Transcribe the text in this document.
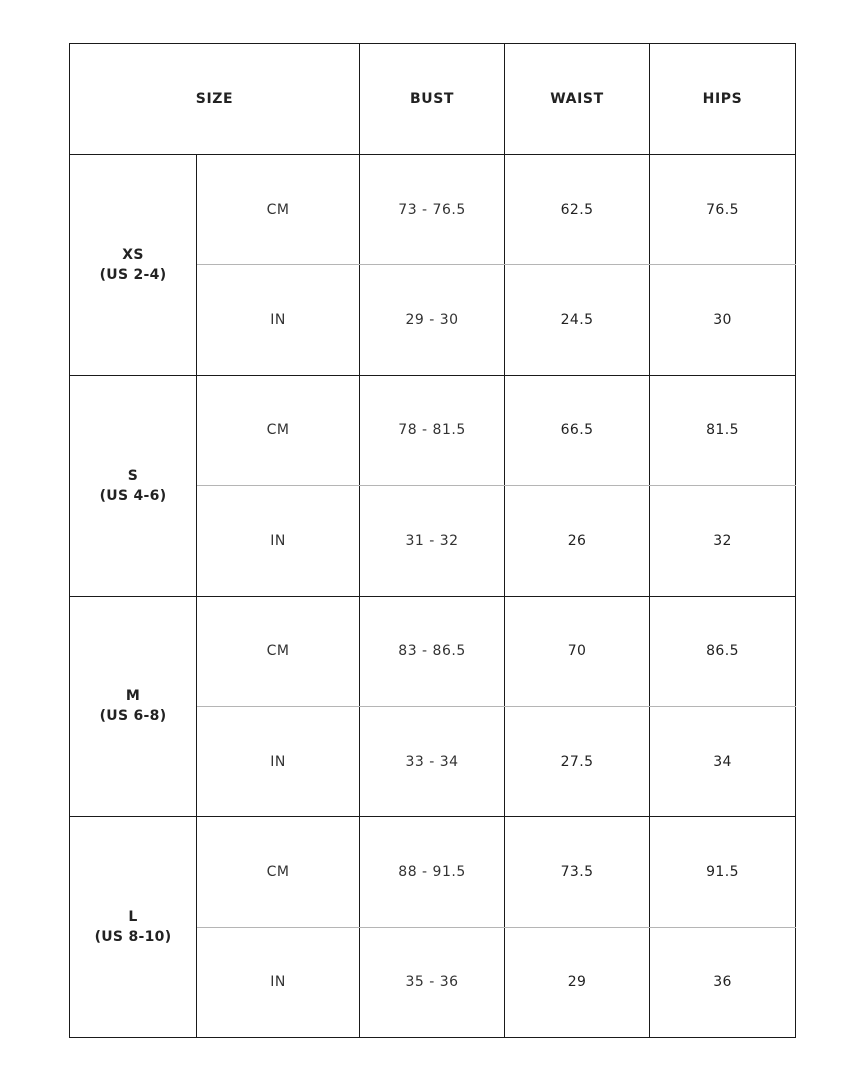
SIZE		BUST	WAIST	HIPS

XS
(US 2-4)	CM	73 - 76.5	62.5	76.5
	IN	29 - 30	24.5	30

S
(US 4-6)	CM	78 - 81.5	66.5	81.5
	IN	31 - 32	26	32

M
(US 6-8)	CM	83 - 86.5	70	86.5
	IN	33 - 34	27.5	34

L
(US 8-10)	CM	88 - 91.5	73.5	91.5
	IN	35 - 36	29	36
